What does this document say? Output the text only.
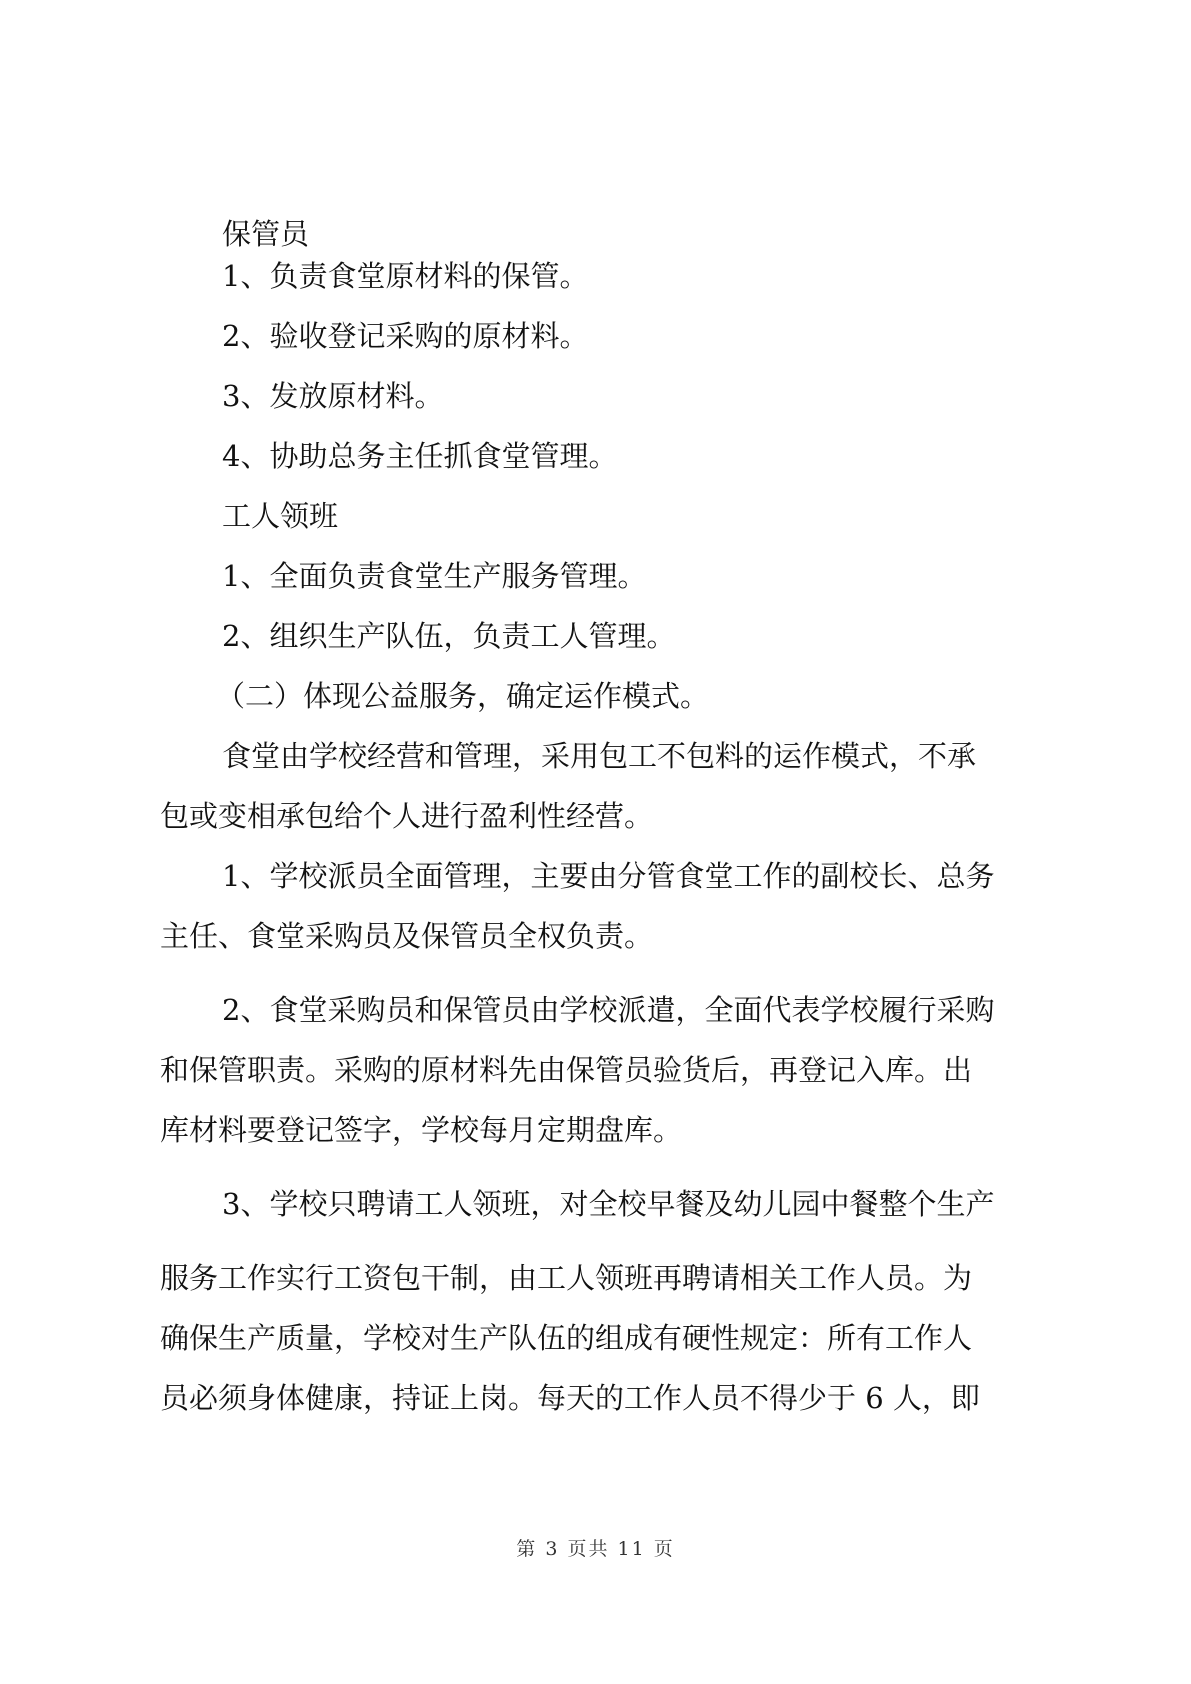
保管员
1、负责食堂原材料的保管。
2、验收登记采购的原材料。
3、发放原材料。
4、协助总务主任抓食堂管理。
工人领班
1、全面负责食堂生产服务管理。
2、组织生产队伍，负责工人管理。
（二）体现公益服务，确定运作模式。
食堂由学校经营和管理，采用包工不包料的运作模式，不承
包或变相承包给个人进行盈利性经营。
1、学校派员全面管理，主要由分管食堂工作的副校长、总务
主任、食堂采购员及保管员全权负责。
2、食堂采购员和保管员由学校派遣，全面代表学校履行采购
和保管职责。采购的原材料先由保管员验货后，再登记入库。出
库材料要登记签字，学校每月定期盘库。
3、学校只聘请工人领班，对全校早餐及幼儿园中餐整个生产
服务工作实行工资包干制，由工人领班再聘请相关工作人员。为
确保生产质量，学校对生产队伍的组成有硬性规定：所有工作人
员必须身体健康，持证上岗。每天的工作人员不得少于 6 人，即
第 3 页共 11 页
